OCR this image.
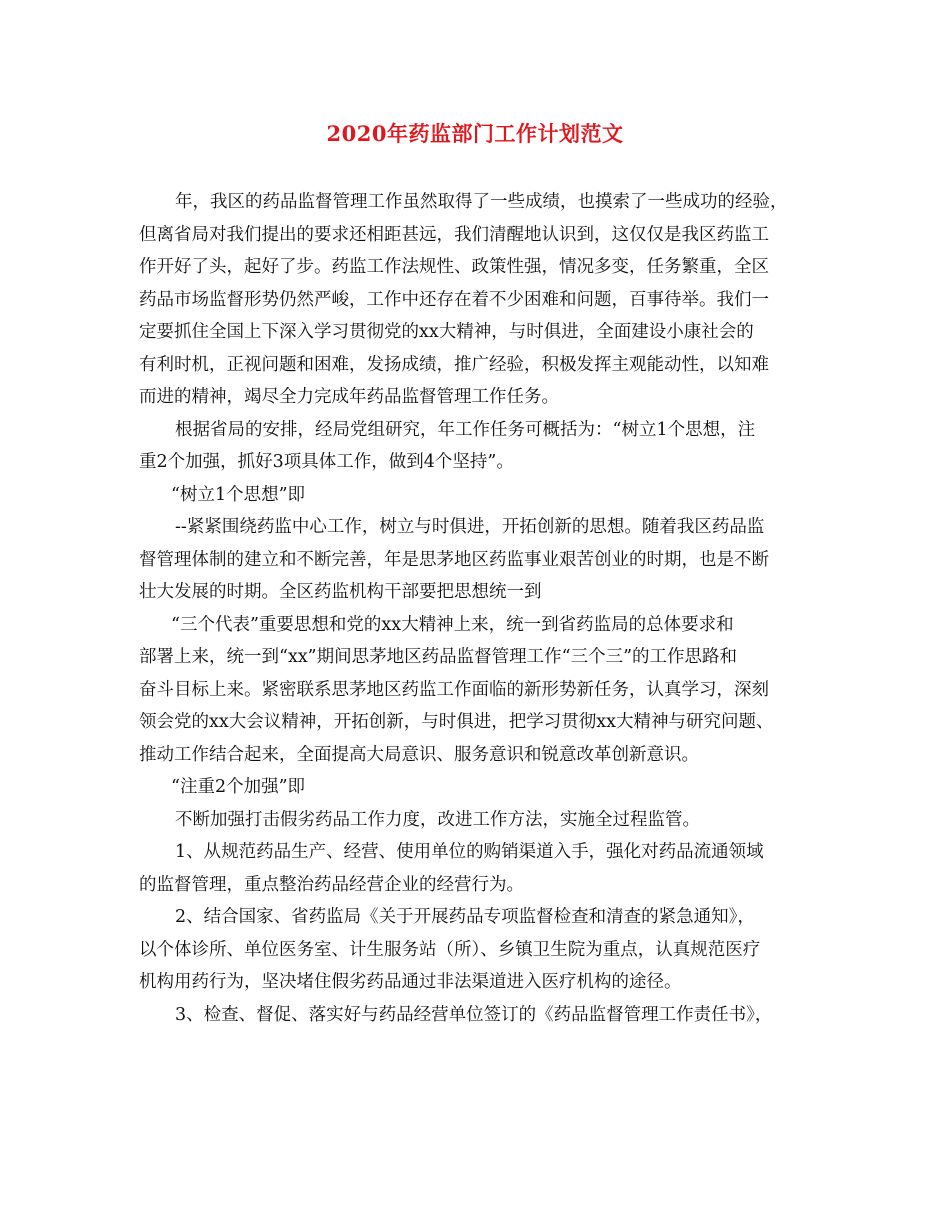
2020年药监部门工作计划范文
年，我区的药品监督管理工作虽然取得了一些成绩，也摸索了一些成功的经验，
但离省局对我们提出的要求还相距甚远，我们清醒地认识到，这仅仅是我区药监工
作开好了头，起好了步。药监工作法规性、政策性强，情况多变，任务繁重，全区
药品市场监督形势仍然严峻，工作中还存在着不少困难和问题，百事待举。我们一
定要抓住全国上下深入学习贯彻党的xx大精神，与时俱进，全面建设小康社会的
有利时机，正视问题和困难，发扬成绩，推广经验，积极发挥主观能动性，以知难
而进的精神，竭尽全力完成年药品监督管理工作任务。
根据省局的安排，经局党组研究，年工作任务可概括为：“树立1个思想，注
重2个加强，抓好3项具体工作，做到4个坚持”。
“树立1个思想”即
--紧紧围绕药监中心工作，树立与时俱进，开拓创新的思想。随着我区药品监
督管理体制的建立和不断完善，年是思茅地区药监事业艰苦创业的时期，也是不断
壮大发展的时期。全区药监机构干部要把思想统一到
“三个代表”重要思想和党的xx大精神上来，统一到省药监局的总体要求和
部署上来，统一到“xx”期间思茅地区药品监督管理工作“三个三”的工作思路和
奋斗目标上来。紧密联系思茅地区药监工作面临的新形势新任务，认真学习，深刻
领会党的xx大会议精神，开拓创新，与时俱进，把学习贯彻xx大精神与研究问题、
推动工作结合起来，全面提高大局意识、服务意识和锐意改革创新意识。
“注重2个加强”即
不断加强打击假劣药品工作力度，改进工作方法，实施全过程监管。
1、从规范药品生产、经营、使用单位的购销渠道入手，强化对药品流通领域
的监督管理，重点整治药品经营企业的经营行为。
2、结合国家、省药监局《关于开展药品专项监督检查和清查的紧急通知》，
以个体诊所、单位医务室、计生服务站（所）、乡镇卫生院为重点，认真规范医疗
机构用药行为，坚决堵住假劣药品通过非法渠道进入医疗机构的途径。
3、检查、督促、落实好与药品经营单位签订的《药品监督管理工作责任书》，
